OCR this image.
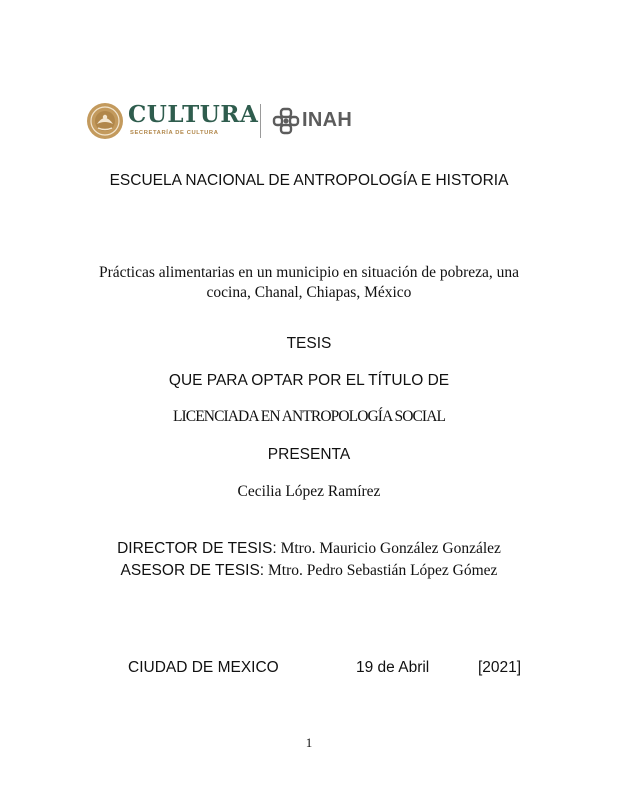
CULTURA
SECRETARÍA DE CULTURA
INAH
ESCUELA NACIONAL DE ANTROPOLOGÍA E HISTORIA
Prácticas alimentarias en un municipio en situación de pobreza, una
cocina, Chanal, Chiapas, México
TESIS
QUE PARA OPTAR POR EL TÍTULO DE
LICENCIADA EN ANTROPOLOGÍA SOCIAL
PRESENTA
Cecilia López Ramírez
DIRECTOR DE TESIS: Mtro. Mauricio González González
ASESOR DE TESIS: Mtro. Pedro Sebastián López Gómez
CIUDAD DE MEXICO	19 de Abril	[2021]
1
